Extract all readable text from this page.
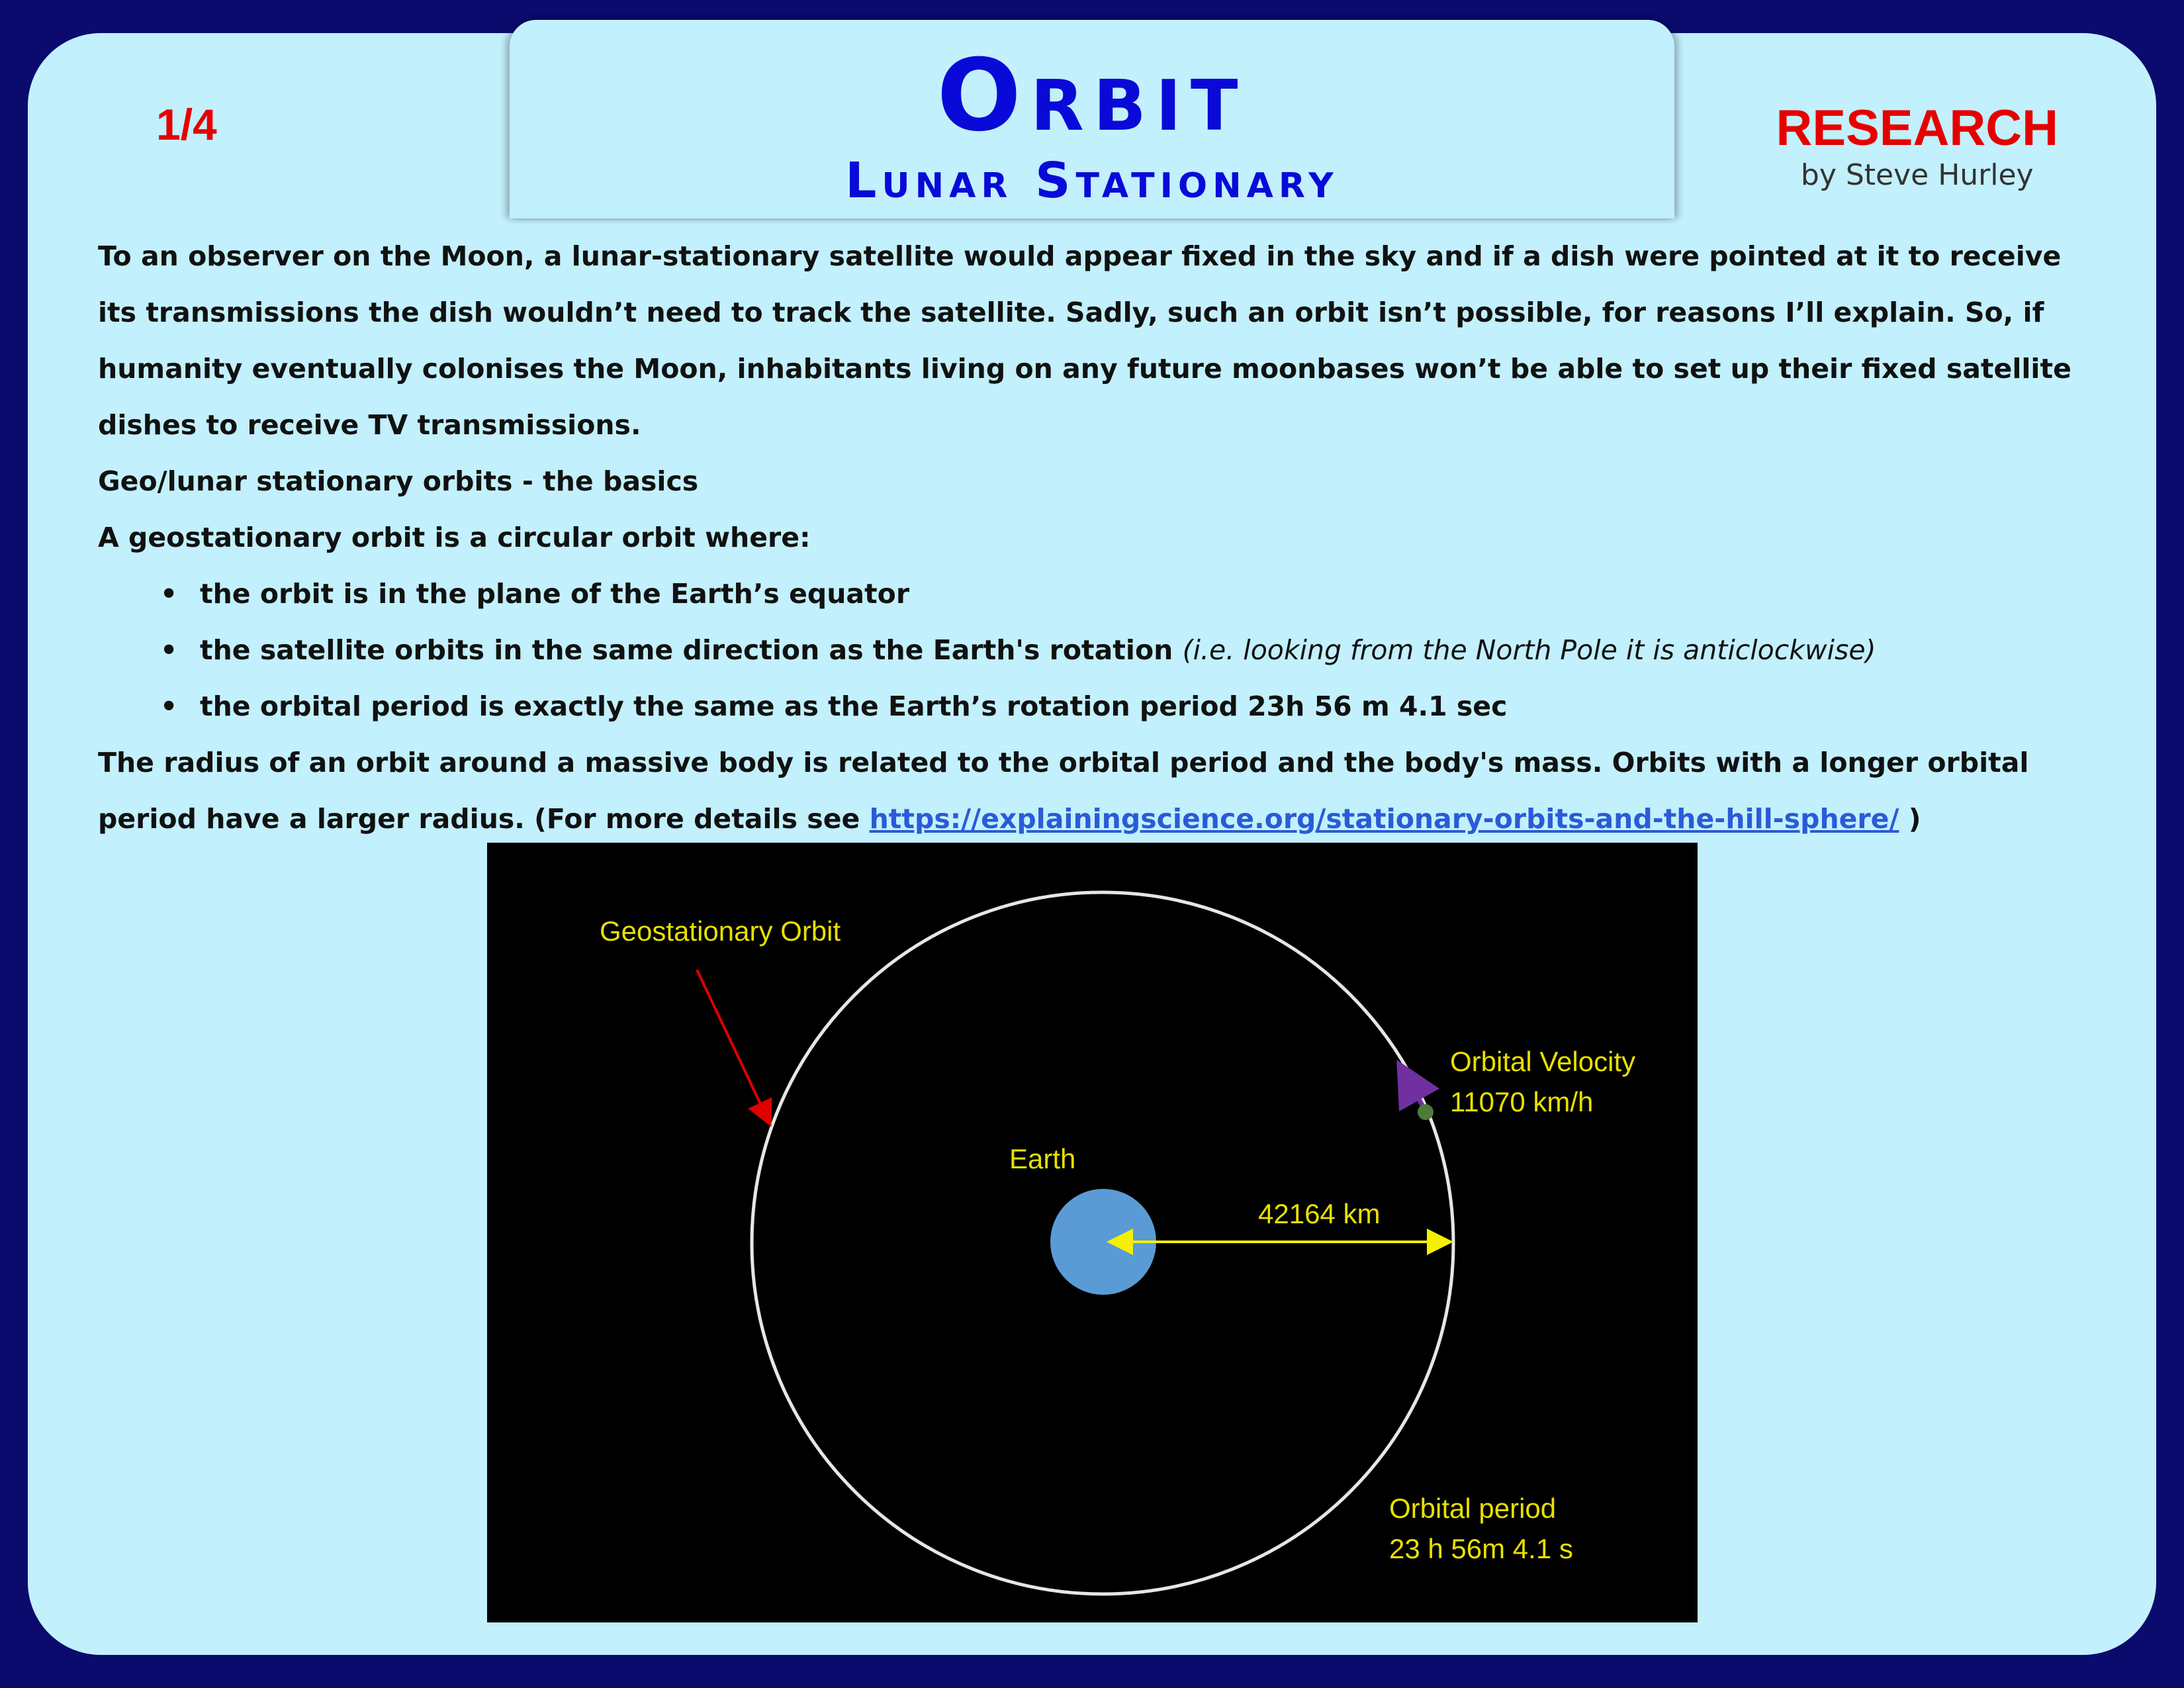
1/4	Orbit
Lunar Stationary
RESEARCH
by Steve Hurley

To an observer on the Moon, a lunar-stationary satellite would appear fixed in the sky and if a dish were pointed at it to receive its transmissions the dish wouldn’t need to track the satellite. Sadly, such an orbit isn’t possible, for reasons I’ll explain. So, if humanity eventually colonises the Moon, inhabitants living on any future moonbases won’t be able to set up their fixed satellite dishes to receive TV transmissions.

Geo/lunar stationary orbits - the basics

A geostationary orbit is a circular orbit where:

• the orbit is in the plane of the Earth’s equator
• the satellite orbits in the same direction as the Earth's rotation (i.e. looking from the North Pole it is anticlockwise)
• the orbital period is exactly the same as the Earth’s rotation period 23h 56 m 4.1 sec

The radius of an orbit around a massive body is related to the orbital period and the body's mass. Orbits with a longer orbital period have a larger radius. (For more details see https://explainingscience.org/stationary-orbits-and-the-hill-sphere/ )

Geostationary Orbit
Orbital Velocity
11070 km/h
Earth
42164 km
Orbital period
23 h 56m 4.1 s
